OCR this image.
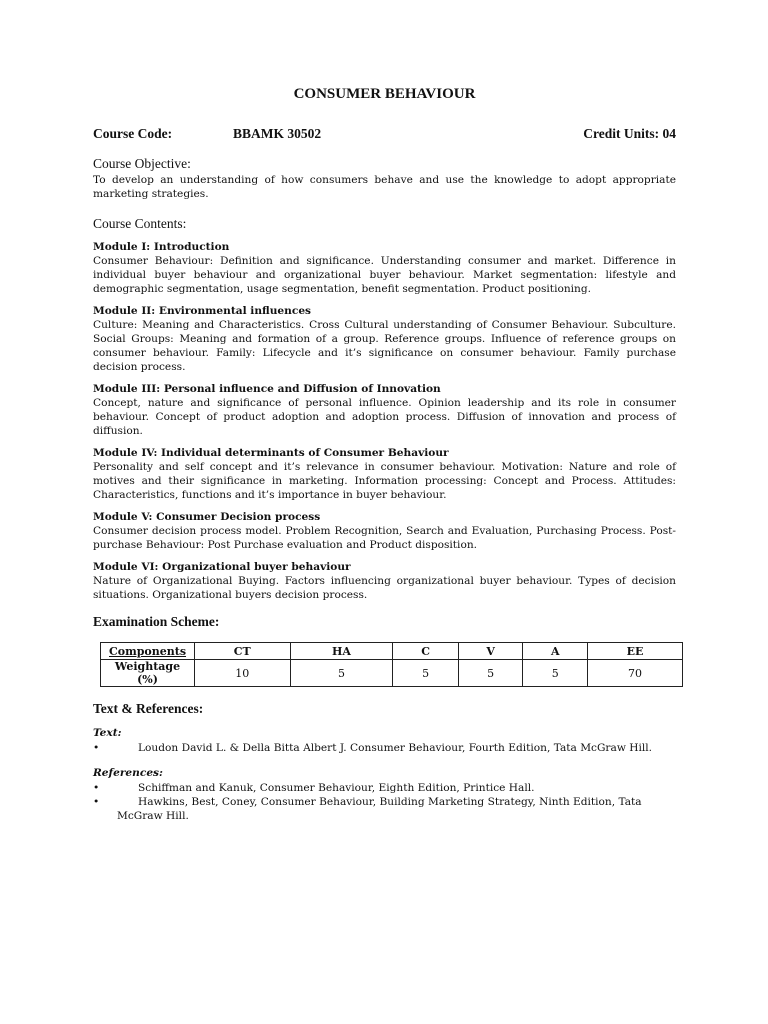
CONSUMER BEHAVIOUR
Course Code:	BBAMK 30502	Credit Units: 04
Course Objective:

To develop an understanding of how consumers behave and use the knowledge to adopt appropriate marketing strategies.

Course Contents:
Module I: Introduction

Consumer Behaviour: Definition and significance. Understanding consumer and market. Difference in individual buyer behaviour and organizational buyer behaviour. Market segmentation: lifestyle and demographic segmentation, usage segmentation, benefit segmentation. Product positioning.

Module II: Environmental influences

Culture: Meaning and Characteristics. Cross Cultural understanding of Consumer Behaviour. Subculture. Social Groups: Meaning and formation of a group. Reference groups. Influence of reference groups on consumer behaviour. Family: Lifecycle and it’s significance on consumer behaviour. Family purchase decision process.

Module III: Personal influence and Diffusion of Innovation

Concept, nature and significance of personal influence. Opinion leadership and its role in consumer behaviour. Concept of product adoption and adoption process. Diffusion of innovation and process of diffusion.

Module IV: Individual determinants of Consumer Behaviour

Personality and self concept and it’s relevance in consumer behaviour. Motivation: Nature and role of motives and their significance in marketing. Information processing: Concept and Process. Attitudes: Characteristics, functions and it’s importance in buyer behaviour.

Module V: Consumer Decision process

Consumer decision process model. Problem Recognition, Search and Evaluation, Purchasing Process. Post-purchase Behaviour: Post Purchase evaluation and Product disposition.

Module VI: Organizational buyer behaviour

Nature of Organizational Buying. Factors influencing organizational buyer behaviour. Types of decision situations. Organizational buyers decision process.

Examination Scheme:
Components	CT	HA	C	V	A	EE
Weightage (%)	10	5	5	5	5	70
Text & References:
Text:
•	Loudon David L. & Della Bitta Albert J. Consumer Behaviour, Fourth Edition, Tata McGraw Hill.
References:
•	Schiffman and Kanuk, Consumer Behaviour, Eighth Edition, Printice Hall.
•	Hawkins, Best, Coney, Consumer Behaviour, Building Marketing Strategy, Ninth Edition, Tata
McGraw Hill.
